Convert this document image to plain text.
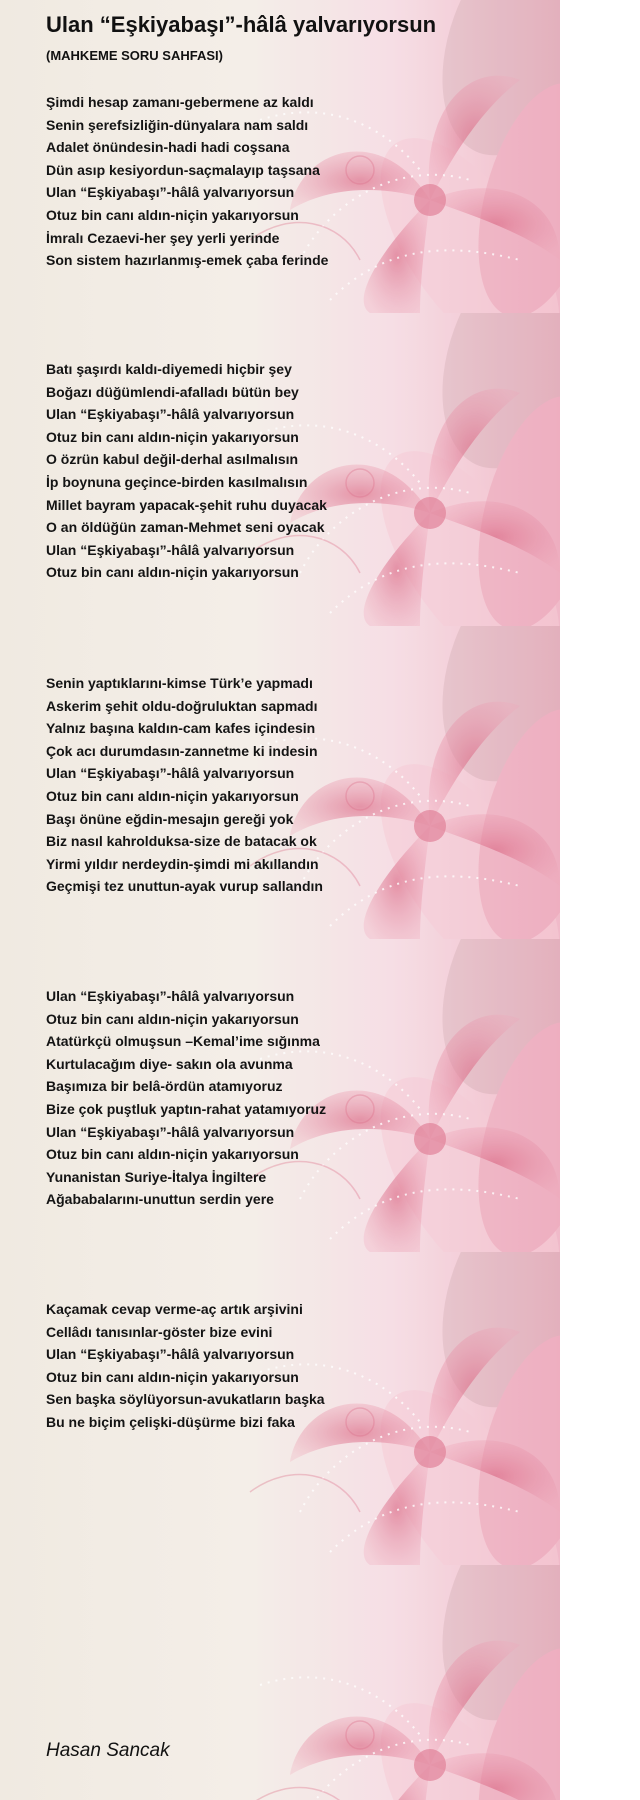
Ulan “Eşkiyabaşı”-hâlâ yalvarıyorsun
(MAHKEME SORU SAHFASI)
Şimdi hesap zamanı-gebermene az kaldı
Senin şerefsizliğin-dünyalara nam saldı
Adalet önündesin-hadi hadi coşsana
Dün asıp kesiyordun-saçmalayıp taşsana
Ulan “Eşkiyabaşı”-hâlâ yalvarıyorsun
Otuz bin canı aldın-niçin yakarıyorsun
İmralı Cezaevi-her şey yerli yerinde
Son sistem hazırlanmış-emek çaba ferinde
Batı şaşırdı kaldı-diyemedi hiçbir şey
Boğazı düğümlendi-afalladı bütün bey
Ulan “Eşkiyabaşı”-hâlâ yalvarıyorsun
Otuz bin canı aldın-niçin yakarıyorsun
O özrün kabul değil-derhal asılmalısın
İp boynuna geçince-birden kasılmalısın
Millet bayram yapacak-şehit ruhu duyacak
O an öldüğün zaman-Mehmet seni oyacak
Ulan “Eşkiyabaşı”-hâlâ yalvarıyorsun
Otuz bin canı aldın-niçin yakarıyorsun
Senin yaptıklarını-kimse Türk’e yapmadı
Askerim şehit oldu-doğruluktan sapmadı
Yalnız başına kaldın-cam kafes içindesin
Çok acı durumdasın-zannetme ki indesin
Ulan “Eşkiyabaşı”-hâlâ yalvarıyorsun
Otuz bin canı aldın-niçin yakarıyorsun
Başı önüne eğdin-mesajın gereği yok
Biz nasıl kahrolduksa-size de batacak ok
Yirmi yıldır nerdeydin-şimdi mi akıllandın
Geçmişi tez unuttun-ayak vurup sallandın
Ulan “Eşkiyabaşı”-hâlâ yalvarıyorsun
Otuz bin canı aldın-niçin yakarıyorsun
Atatürkçü olmuşsun –Kemal’ime sığınma
Kurtulacağım diye- sakın ola avunma
Başımıza bir belâ-ördün atamıyoruz
Bize çok puştluk yaptın-rahat yatamıyoruz
Ulan “Eşkiyabaşı”-hâlâ yalvarıyorsun
Otuz bin canı aldın-niçin yakarıyorsun
Yunanistan Suriye-İtalya İngiltere
Ağababalarını-unuttun serdin yere
Kaçamak cevap verme-aç artık arşivini
Cellâdı tanısınlar-göster bize evini
Ulan “Eşkiyabaşı”-hâlâ yalvarıyorsun
Otuz bin canı aldın-niçin yakarıyorsun
Sen başka söylüyorsun-avukatların başka
Bu ne biçim çelişki-düşürme bizi faka
Hasan Sancak
